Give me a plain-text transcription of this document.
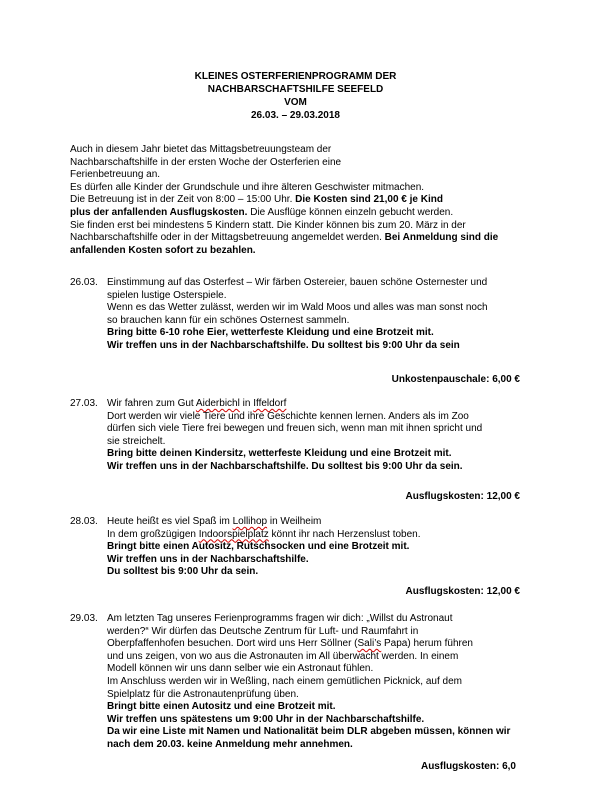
KLEINES OSTERFERIENPROGRAMM DER
NACHBARSCHAFTSHILFE SEEFELD
VOM
26.03. – 29.03.2018
Auch in diesem Jahr bietet das Mittagsbetreuungsteam der
Nachbarschaftshilfe in der ersten Woche der Osterferien eine
Ferienbetreuung an.
Es dürfen alle Kinder der Grundschule und ihre älteren Geschwister mitmachen.
Die Betreuung ist in der Zeit von 8:00 – 15:00 Uhr. Die Kosten sind 21,00 € je Kind
plus der anfallenden Ausflugskosten. Die Ausflüge können einzeln gebucht werden.
Sie finden erst bei mindestens 5 Kindern statt. Die Kinder können bis zum 20. März in der
Nachbarschaftshilfe oder in der Mittagsbetreuung angemeldet werden. Bei Anmeldung sind die
anfallenden Kosten sofort zu bezahlen.
26.03. Einstimmung auf das Osterfest – Wir färben Ostereier, bauen schöne Osternester und
spielen lustige Osterspiele.
Wenn es das Wetter zulässt, werden wir im Wald Moos und alles was man sonst noch
so brauchen kann für ein schönes Osternest sammeln.
Bring bitte 6-10 rohe Eier, wetterfeste Kleidung und eine Brotzeit mit.
Wir treffen uns in der Nachbarschaftshilfe. Du solltest bis 9:00 Uhr da sein
Unkostenpauschale: 6,00 €
27.03. Wir fahren zum Gut Aiderbichl in Iffeldorf
Dort werden wir viele Tiere und ihre Geschichte kennen lernen. Anders als im Zoo
dürfen sich viele Tiere frei bewegen und freuen sich, wenn man mit ihnen spricht und
sie streichelt.
Bring bitte deinen Kindersitz, wetterfeste Kleidung und eine Brotzeit mit.
Wir treffen uns in der Nachbarschaftshilfe. Du solltest bis 9:00 Uhr da sein.
Ausflugskosten: 12,00 €
28.03. Heute heißt es viel Spaß im Lollihop in Weilheim
In dem großzügigen Indoorspielplatz könnt ihr nach Herzenslust toben.
Bringt bitte einen Autositz, Rutschsocken und eine Brotzeit mit.
Wir treffen uns in der Nachbarschaftshilfe.
Du solltest bis 9:00 Uhr da sein.
Ausflugskosten: 12,00 €
29.03. Am letzten Tag unseres Ferienprogramms fragen wir dich: „Willst du Astronaut
werden?“ Wir dürfen das Deutsche Zentrum für Luft- und Raumfahrt in
Oberpfaffenhofen besuchen. Dort wird uns Herr Söllner (Sali’s Papa) herum führen
und uns zeigen, von wo aus die Astronauten im All überwacht werden. In einem
Modell können wir uns dann selber wie ein Astronaut fühlen.
Im Anschluss werden wir in Weßling, nach einem gemütlichen Picknick, auf dem
Spielplatz für die Astronautenprüfung üben.
Bringt bitte einen Autositz und eine Brotzeit mit.
Wir treffen uns spätestens um 9:00 Uhr in der Nachbarschaftshilfe.
Da wir eine Liste mit Namen und Nationalität beim DLR abgeben müssen, können wir
nach dem 20.03. keine Anmeldung mehr annehmen.
Ausflugskosten: 6,0
